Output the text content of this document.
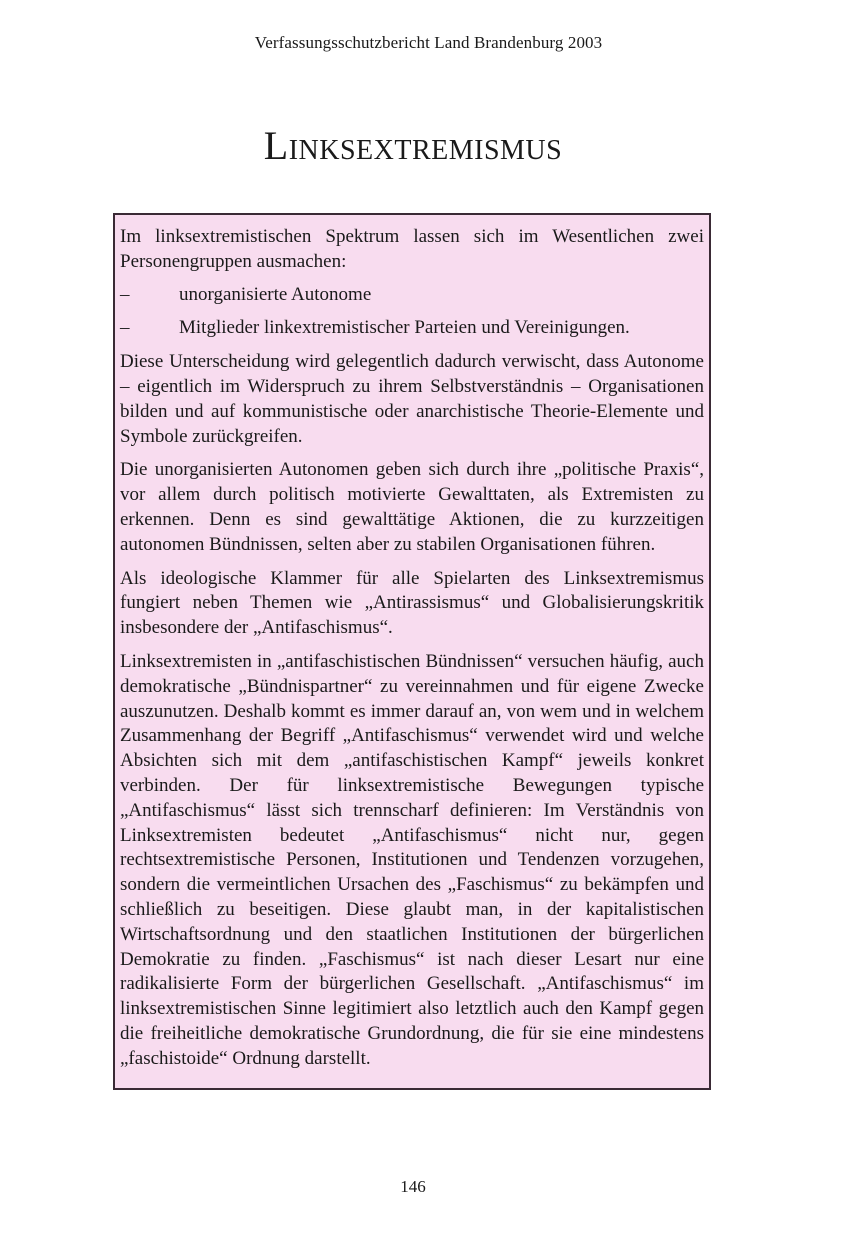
Verfassungsschutzbericht Land Brandenburg 2003
Linksextremismus

Im linksextremistischen Spektrum lassen sich im Wesentlichen zwei Personengruppen ausmachen:

–	unorganisierte Autonome
–	Mitglieder linkextremistischer Parteien und Vereinigungen.

Diese Unterscheidung wird gelegentlich dadurch verwischt, dass Autonome – eigentlich im Widerspruch zu ihrem Selbstverständnis – Organisationen bilden und auf kommunistische oder anarchistische Theorie-Elemente und Symbole zurückgreifen.

Die unorganisierten Autonomen geben sich durch ihre „politische Praxis“, vor allem durch politisch motivierte Gewalttaten, als Extremisten zu erkennen. Denn es sind gewalttätige Aktionen, die zu kurzzeitigen autonomen Bündnissen, selten aber zu stabilen Organisationen führen.

Als ideologische Klammer für alle Spielarten des Linksextremismus fungiert neben Themen wie „Antirassismus“ und Globalisierungskritik insbesondere der „Antifaschismus“.

Linksextremisten in „antifaschistischen Bündnissen“ versuchen häufig, auch demokratische „Bündnispartner“ zu vereinnahmen und für eigene Zwecke auszunutzen. Deshalb kommt es immer darauf an, von wem und in welchem Zusammenhang der Begriff „Antifaschismus“ verwendet wird und welche Absichten sich mit dem „antifaschistischen Kampf“ jeweils konkret verbinden. Der für linksextremistische Bewegungen typische „Antifaschismus“ lässt sich trennscharf definieren: Im Verständnis von Linksextremisten bedeutet „Antifaschismus“ nicht nur, gegen rechtsextremistische Personen, Institutionen und Tendenzen vorzugehen, sondern die vermeintlichen Ursachen des „Faschismus“ zu bekämpfen und schließlich zu beseitigen. Diese glaubt man, in der kapitalistischen Wirtschaftsordnung und den staatlichen Institutionen der bürgerlichen Demokratie zu finden. „Faschismus“ ist nach dieser Lesart nur eine radikalisierte Form der bürgerlichen Gesellschaft. „Antifaschismus“ im linksextremistischen Sinne legitimiert also letztlich auch den Kampf gegen die freiheitliche demokratische Grundordnung, die für sie eine mindestens „faschistoide“ Ordnung darstellt.

146
